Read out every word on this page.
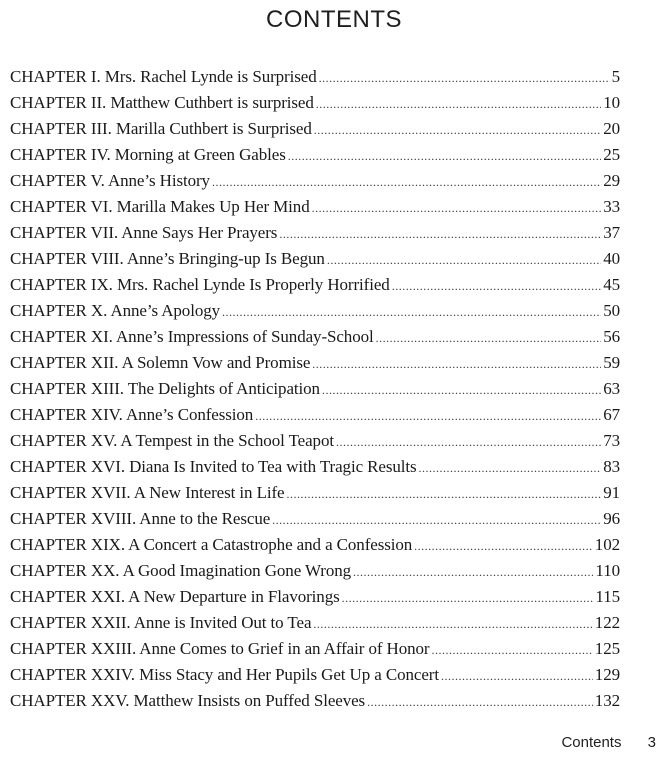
CONTENTS
CHAPTER I. Mrs. Rachel Lynde is Surprised .....	5
CHAPTER II. Matthew Cuthbert is surprised .....	10
CHAPTER III. Marilla Cuthbert is Surprised .....	20
CHAPTER IV. Morning at Green Gables .....	25
CHAPTER V. Anne’s History .....	29
CHAPTER VI. Marilla Makes Up Her Mind .....	33
CHAPTER VII. Anne Says Her Prayers .....	37
CHAPTER VIII. Anne’s Bringing-up Is Begun .....	40
CHAPTER IX. Mrs. Rachel Lynde Is Properly Horrified .....	45
CHAPTER X. Anne’s Apology .....	50
CHAPTER XI. Anne’s Impressions of Sunday-School .....	56
CHAPTER XII. A Solemn Vow and Promise .....	59
CHAPTER XIII. The Delights of Anticipation .....	63
CHAPTER XIV. Anne’s Confession .....	67
CHAPTER XV. A Tempest in the School Teapot .....	73
CHAPTER XVI. Diana Is Invited to Tea with Tragic Results .....	83
CHAPTER XVII. A New Interest in Life .....	91
CHAPTER XVIII. Anne to the Rescue .....	96
CHAPTER XIX. A Concert a Catastrophe and a Confession .....	102
CHAPTER XX. A Good Imagination Gone Wrong .....	110
CHAPTER XXI. A New Departure in Flavorings .....	115
CHAPTER XXII. Anne is Invited Out to Tea .....	122
CHAPTER XXIII. Anne Comes to Grief in an Affair of Honor .....	125
CHAPTER XXIV. Miss Stacy and Her Pupils Get Up a Concert .....	129
CHAPTER XXV. Matthew Insists on Puffed Sleeves .....	132
Contents 3
